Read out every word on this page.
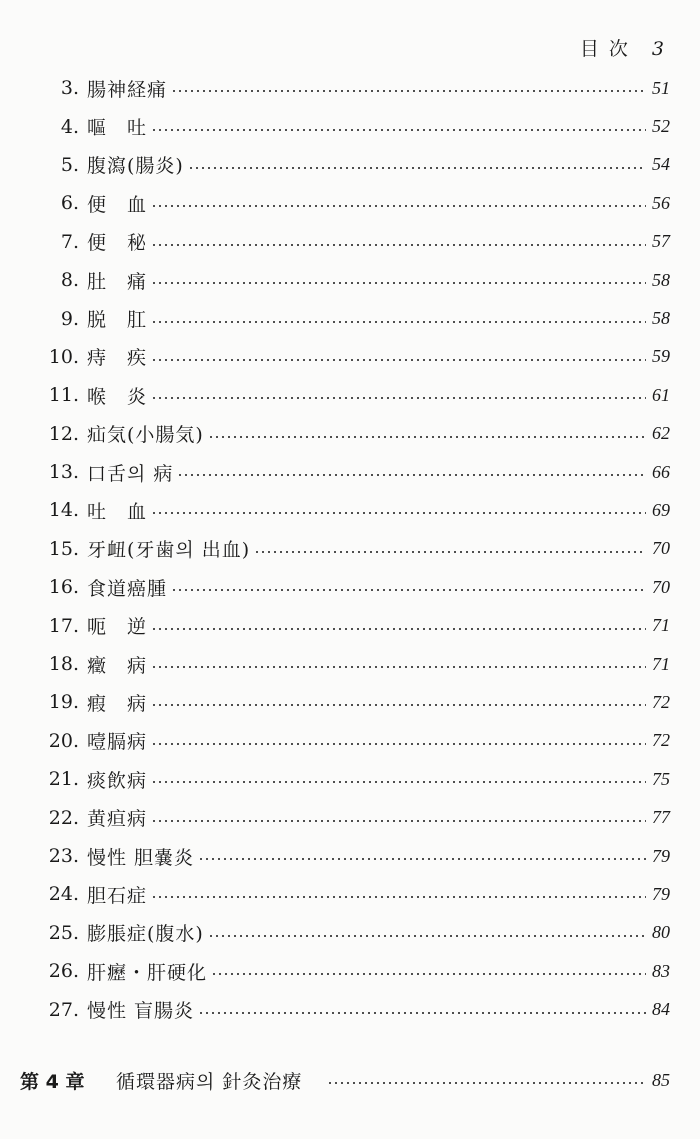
目 次 3
3. 腸神経痛	51
4. 嘔　吐	52
5. 腹瀉(腸炎)	54
6. 便　血	56
7. 便　秘	57
8. 肚　痛	58
9. 脱　肛	58
10. 痔　疾	59
11. 喉　炎	61
12. 疝気(小腸気)	62
13. 口舌의 病	66
14. 吐　血	69
15. 牙衄(牙歯의 出血)	70
16. 食道癌腫	70
17. 呃　逆	71
18. 癥　病	71
19. 瘕　病	72
20. 噎膈病	72
21. 痰飲病	75
22. 黄疸病	77
23. 慢性 胆嚢炎	79
24. 胆石症	79
25. 膨脹症(腹水)	80
26. 肝癧・肝硬化	83
27. 慢性 盲腸炎	84
第 4 章 循環器病의 針灸治療	85
